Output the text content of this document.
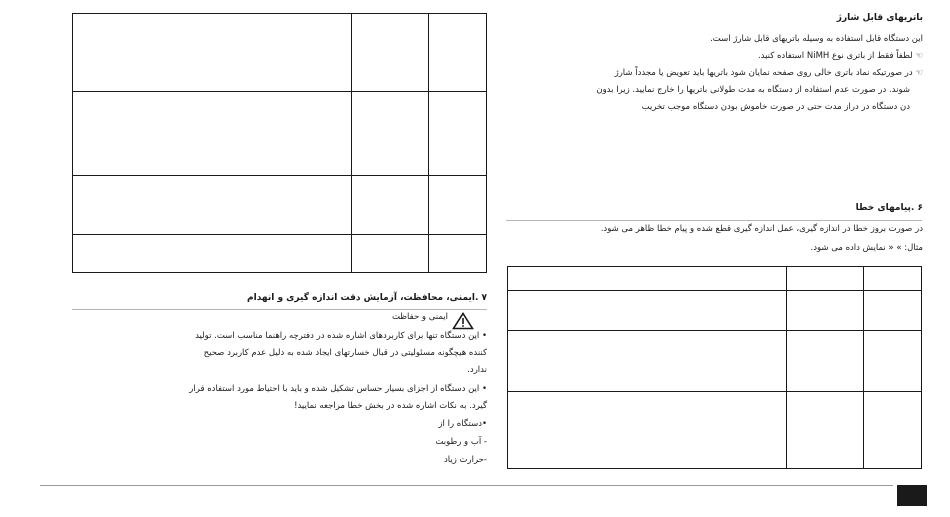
باتریهای قابل شارژ
این دستگاه قابل استفاده به وسیله باتریهای قابل شارژ است.
☜ لطفاً فقط از باتری نوع NiMH استفاده کنید.
☜ در صورتیکه نماد باتری خالی روی صفحه نمایان شود باتریها باید تعویض یا مجدداً شارژ
شوند. در صورت عدم استفاده از دستگاه به مدت طولانی باتریها را خارج نمایید. زیرا بدون
دن دستگاه در دراز مدت حتی در صورت خاموش بودن دستگاه موجب تخریب
۶ .پیامهای خطا
در صورت بروز خطا در اندازه گیری، عمل اندازه گیری قطع شده و پیام خطا ظاهر می شود.
مثال: » « نمایش داده می شود.

۷ .ایمنی، محافظت، آزمایش دقت اندازه گیری و انهدام
ایمنی و حفاظت
• این دستگاه تنها برای کاربردهای اشاره شده در دفترچه راهنما مناسب است. تولید
کننده هیچگونه مسئولیتی در قبال خسارتهای ایجاد شده به دلیل عدم کاربرد صحیح
ندارد.
• این دستگاه از اجزای بسیار حساس تشکیل شده و باید با احتیاط مورد استفاده قرار
گیرد. به نکات اشاره شده در بخش خطا مراجعه نمایید!
•دستگاه را از
- آب و رطوبت
-حرارت زیاد
